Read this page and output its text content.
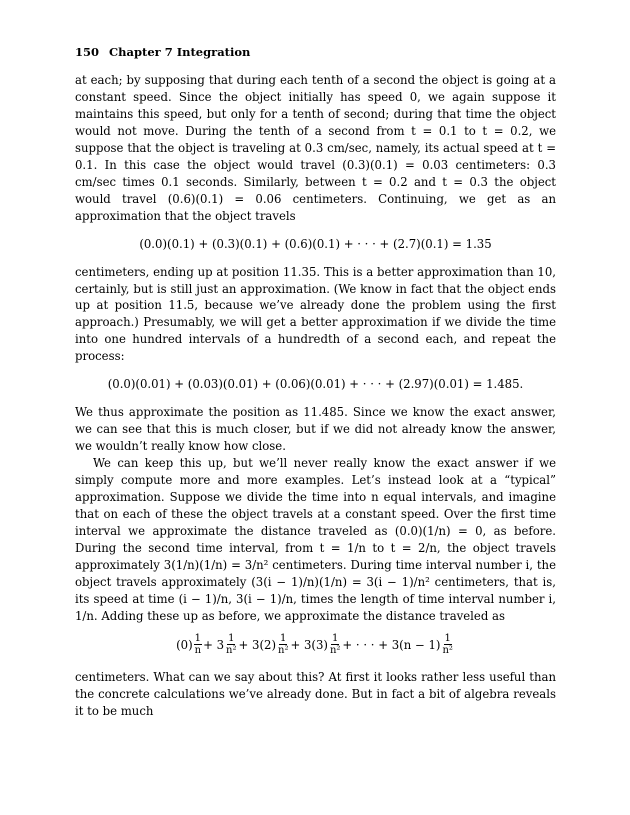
150 Chapter 7 Integration

at each; by supposing that during each tenth of a second the object is going at a constant speed. Since the object initially has speed 0, we again suppose it maintains this speed, but only for a tenth of second; during that time the object would not move. During the tenth of a second from t = 0.1 to t = 0.2, we suppose that the object is traveling at 0.3 cm/sec, namely, its actual speed at t = 0.1. In this case the object would travel (0.3)(0.1) = 0.03 centimeters: 0.3 cm/sec times 0.1 seconds. Similarly, between t = 0.2 and t = 0.3 the object would travel (0.6)(0.1) = 0.06 centimeters. Continuing, we get as an approximation that the object travels

(0.0)(0.1) + (0.3)(0.1) + (0.6)(0.1) + · · · + (2.7)(0.1) = 1.35

centimeters, ending up at position 11.35. This is a better approximation than 10, certainly, but is still just an approximation. (We know in fact that the object ends up at position 11.5, because we’ve already done the problem using the first approach.) Presumably, we will get a better approximation if we divide the time into one hundred intervals of a hundredth of a second each, and repeat the process:

(0.0)(0.01) + (0.03)(0.01) + (0.06)(0.01) + · · · + (2.97)(0.01) = 1.485.

We thus approximate the position as 11.485. Since we know the exact answer, we can see that this is much closer, but if we did not already know the answer, we wouldn’t really know how close.

We can keep this up, but we’ll never really know the exact answer if we simply compute more and more examples. Let’s instead look at a “typical” approximation. Suppose we divide the time into n equal intervals, and imagine that on each of these the object travels at a constant speed. Over the first time interval we approximate the distance traveled as (0.0)(1/n) = 0, as before. During the second time interval, from t = 1/n to t = 2/n, the object travels approximately 3(1/n)(1/n) = 3/n² centimeters. During time interval number i, the object travels approximately (3(i − 1)/n)(1/n) = 3(i − 1)/n² centimeters, that is, its speed at time (i − 1)/n, 3(i − 1)/n, times the length of time interval number i, 1/n. Adding these up as before, we approximate the distance traveled as

$(0) \frac{1}{n} + 3 \frac{1}{\text{n²}} + 3(2) \frac{1}{\text{n²}} + 3(3) \frac{1}{\text{n²}}$ + · · · + $3(n - 1) \frac{1}{\text{n²}}$

centimeters. What can we say about this? At first it looks rather less useful than the concrete calculations we’ve already done. But in fact a bit of algebra reveals it to be much
